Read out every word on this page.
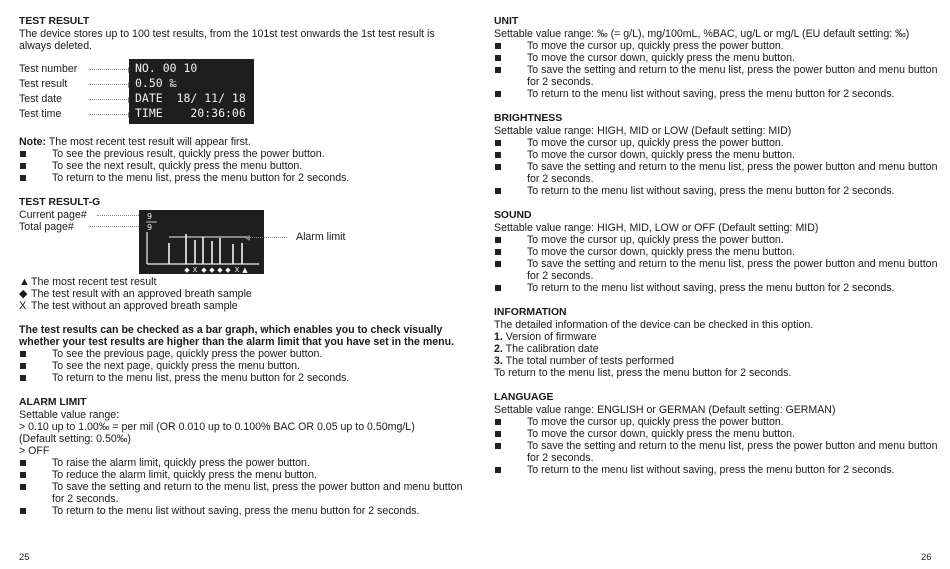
TEST RESULT

The device stores up to 100 test results, from the 101st test onwards the 1st test result is always deleted.

Test number
Test result
Test date
Test time
NO. 00 10
0.50 ‰
DATE  18/ 11/ 18
TIME    20:36:06

Note: The most recent test result will appear first.

To see the previous result, quickly press the power button.
To see the next result, quickly press the menu button.
To return to the menu list, press the menu button for 2 seconds.
TEST RESULT-G
Current page#
Total page#
9
9
◆ X ◆ ◆ ◆ ◆ X ▲
Alarm limit

▲The most recent test result

◆ The test result with an approved breath sample

X The test without an approved breath sample

The test results can be checked as a bar graph, which enables you to check visually whether your test results are higher than the alarm limit that you have set in the menu.

To see the previous page, quickly press the power button.
To see the next page, quickly press the menu button.
To return to the menu list, press the menu button for 2 seconds.
ALARM LIMIT

Settable value range:

> 0.10 up to 1.00‰ = per mil (OR 0.010 up to 0.100% BAC OR 0.05 up to 0.50mg/L)

(Default setting: 0.50‰)

> OFF

To raise the alarm limit, quickly press the power button.
To reduce the alarm limit, quickly press the menu button.
To save the setting and return to the menu list, press the power button and menu button for 2 seconds.
To return to the menu list without saving, press the menu button for 2 seconds.
UNIT

Settable value range: ‰ (= g/L), mg/100mL, %BAC, ug/L or mg/L (EU default setting: ‰)

To move the cursor up, quickly press the power button.
To move the cursor down, quickly press the menu button.
To save the setting and return to the menu list, press the power button and menu button for 2 seconds.
To return to the menu list without saving, press the menu button for 2 seconds.
BRIGHTNESS

Settable value range: HIGH, MID or LOW (Default setting: MID)

To move the cursor up, quickly press the power button.
To move the cursor down, quickly press the menu button.
To save the setting and return to the menu list, press the power button and menu button for 2 seconds.
To return to the menu list without saving, press the menu button for 2 seconds.
SOUND

Settable value range: HIGH, MID, LOW or OFF (Default setting: MID)

To move the cursor up, quickly press the power button.
To move the cursor down, quickly press the menu button.
To save the setting and return to the menu list, press the power button and menu button for 2 seconds.
To return to the menu list without saving, press the menu button for 2 seconds.
INFORMATION

The detailed information of the device can be checked in this option.

1. Version of firmware

2. The calibration date

3. The total number of tests performed

To return to the menu list, press the menu button for 2 seconds.

LANGUAGE

Settable value range: ENGLISH or GERMAN (Default setting: GERMAN)

To move the cursor up, quickly press the power button.
To move the cursor down, quickly press the menu button.
To save the setting and return to the menu list, press the power button and menu button for 2 seconds.
To return to the menu list without saving, press the menu button for 2 seconds.
25	26
